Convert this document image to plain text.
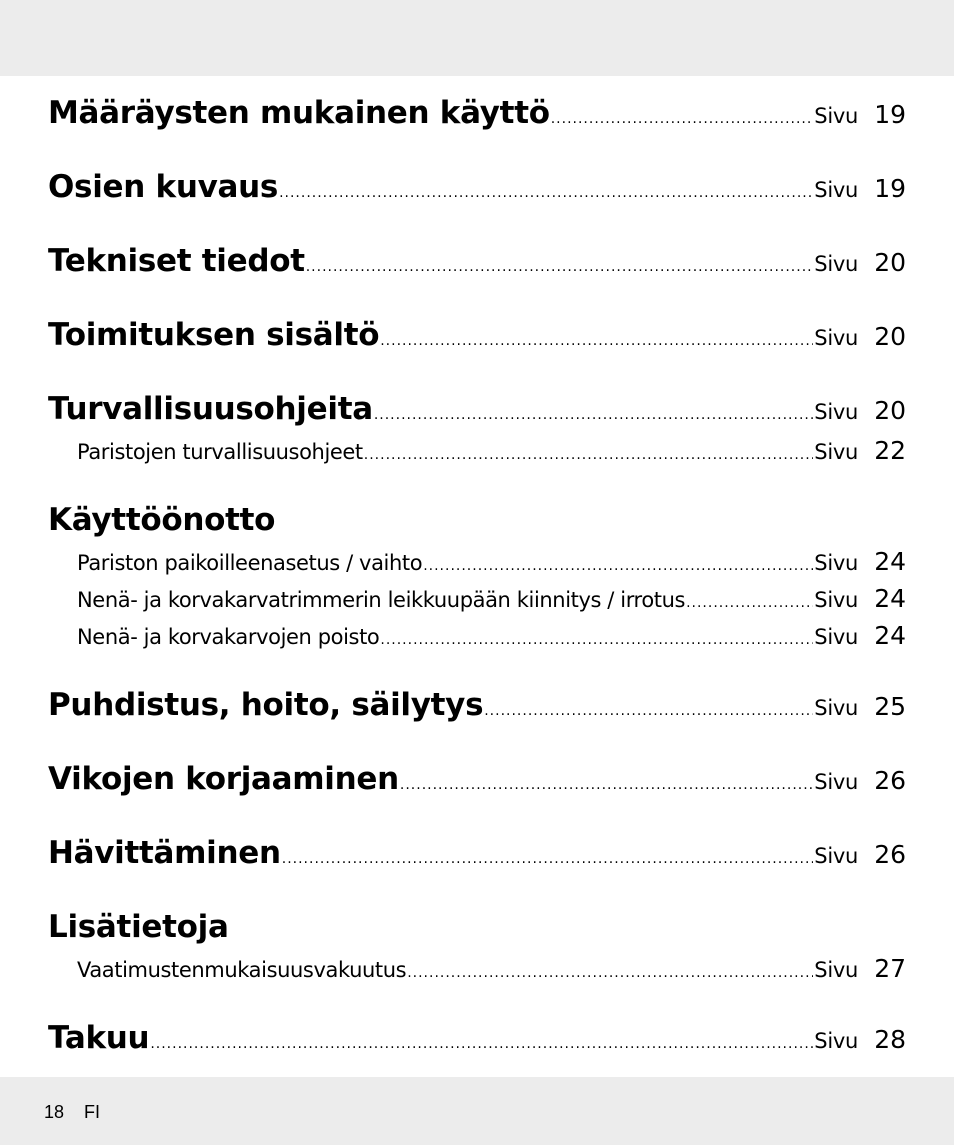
Määräysten mukainen käyttö .....	Sivu 19
Osien kuvaus .....	Sivu 19
Tekniset tiedot .....	Sivu 20
Toimituksen sisältö .....	Sivu 20
Turvallisuusohjeita .....	Sivu 20
Paristojen turvallisuusohjeet .....	Sivu 22
Käyttöönotto
Pariston paikoilleenasetus / vaihto .....	Sivu 24
Nenä- ja korvakarvatrimmerin leikkuupään kiinnitys / irrotus .....	Sivu 24
Nenä- ja korvakarvojen poisto .....	Sivu 24
Puhdistus, hoito, säilytys .....	Sivu 25
Vikojen korjaaminen .....	Sivu 26
Hävittäminen .....	Sivu 26
Lisätietoja
Vaatimustenmukaisuusvakuutus .....	Sivu 27
Takuu .....	Sivu 28
18 FI
